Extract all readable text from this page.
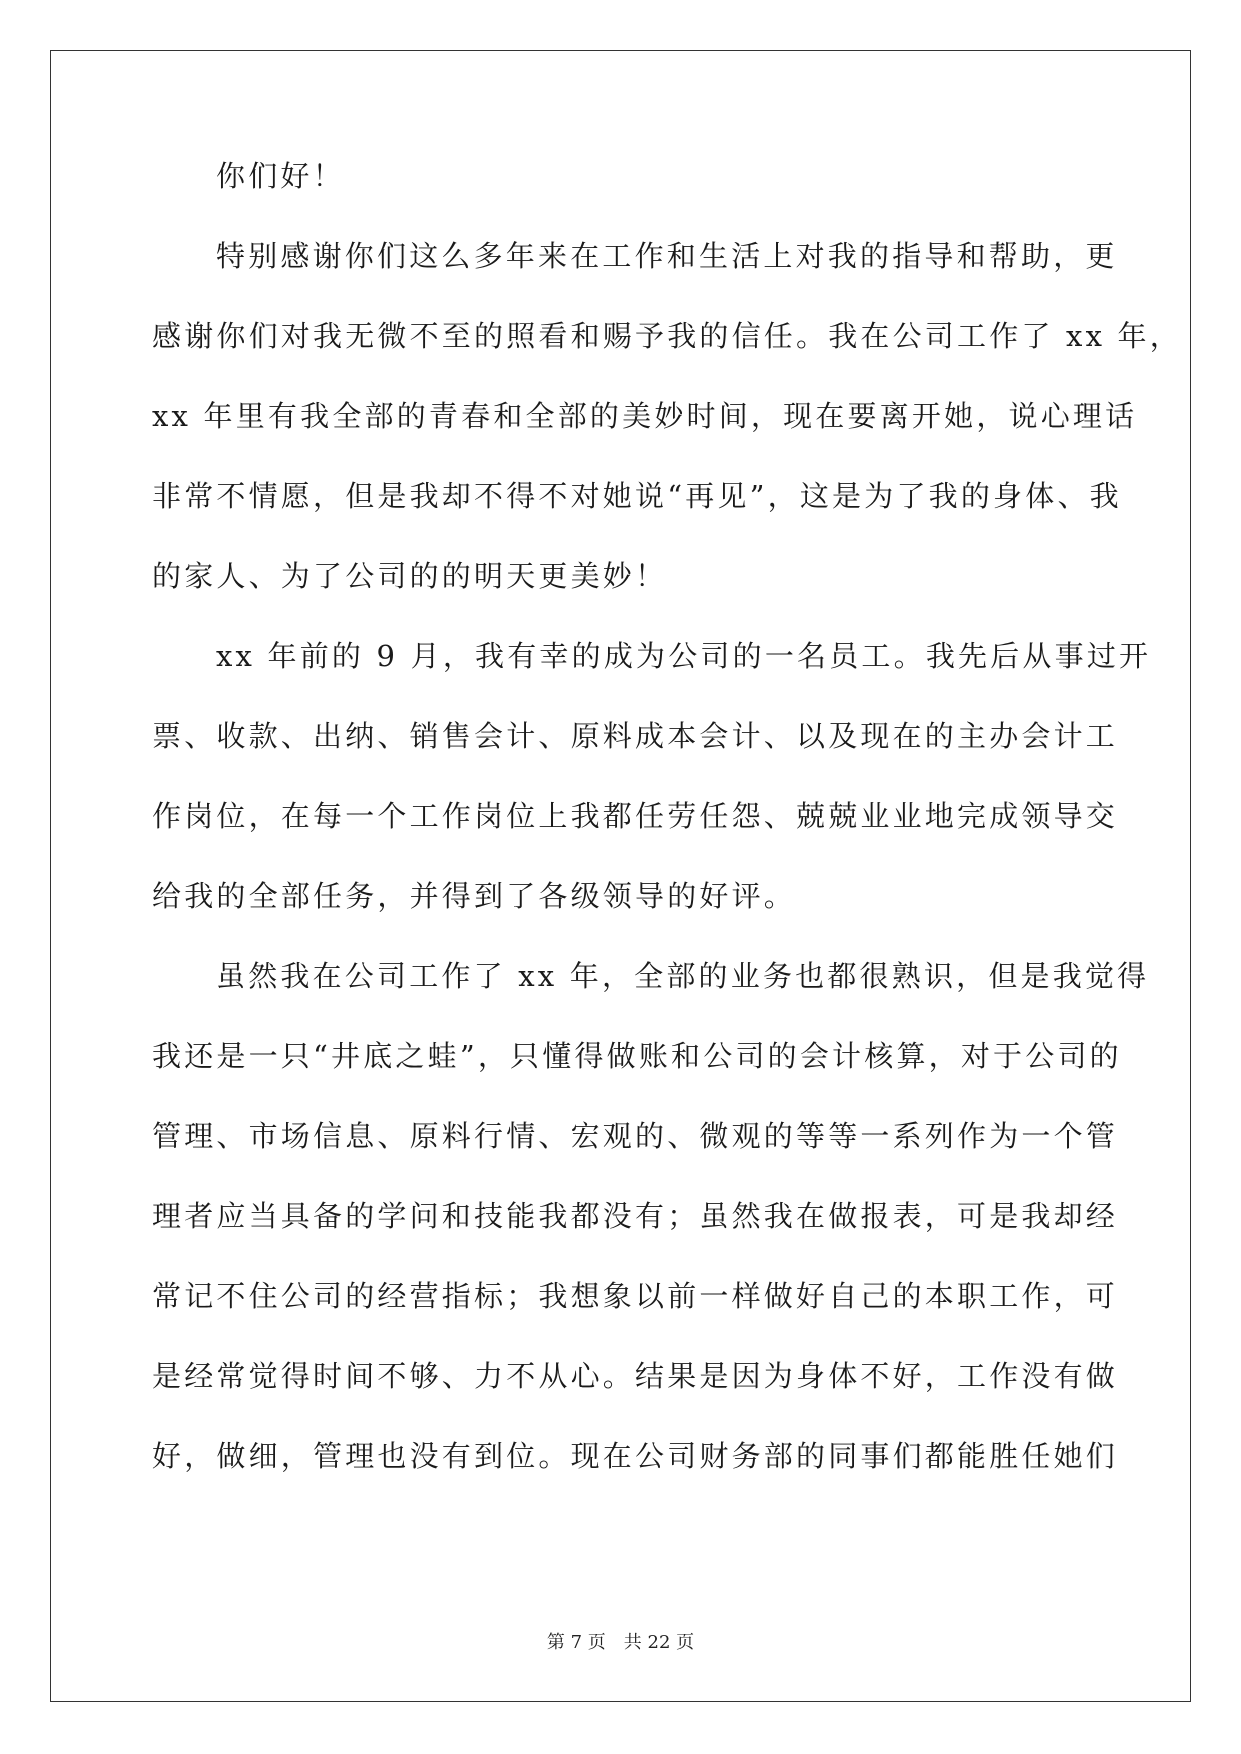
你们好！
特别感谢你们这么多年来在工作和生活上对我的指导和帮助，更
感谢你们对我无微不至的照看和赐予我的信任。我在公司工作了 xx 年，
xx 年里有我全部的青春和全部的美妙时间，现在要离开她，说心理话
非常不情愿，但是我却不得不对她说“再见”，这是为了我的身体、我
的家人、为了公司的的明天更美妙！
xx 年前的 9 月，我有幸的成为公司的一名员工。我先后从事过开
票、收款、出纳、销售会计、原料成本会计、以及现在的主办会计工
作岗位，在每一个工作岗位上我都任劳任怨、兢兢业业地完成领导交
给我的全部任务，并得到了各级领导的好评。
虽然我在公司工作了 xx 年，全部的业务也都很熟识，但是我觉得
我还是一只“井底之蛙”，只懂得做账和公司的会计核算，对于公司的
管理、市场信息、原料行情、宏观的、微观的等等一系列作为一个管
理者应当具备的学问和技能我都没有；虽然我在做报表，可是我却经
常记不住公司的经营指标；我想象以前一样做好自己的本职工作，可
是经常觉得时间不够、力不从心。结果是因为身体不好，工作没有做
好，做细，管理也没有到位。现在公司财务部的同事们都能胜任她们
第 7 页 共 22 页
